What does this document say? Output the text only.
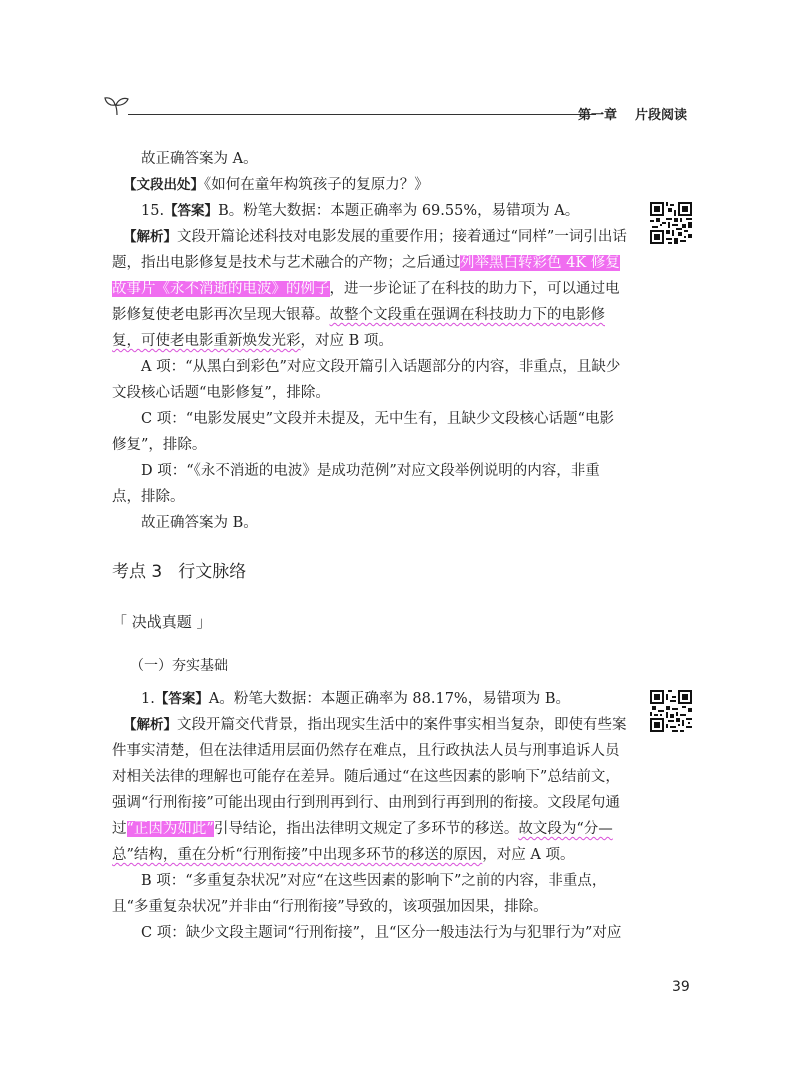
第一章 片段阅读

故正确答案为 A。

【文段出处】《如何在童年构筑孩子的复原力？》

15.【答案】B。粉笔大数据：本题正确率为 69.55%，易错项为 A。

【解析】文段开篇论述科技对电影发展的重要作用；接着通过“同样”一词引出话题，指出电影修复是技术与艺术融合的产物；之后通过列举黑白转彩色 4K 修复故事片《永不消逝的电波》的例子，进一步论证了在科技的助力下，可以通过电影修复使老电影再次呈现大银幕。故整个文段重在强调在科技助力下的电影修复，可使老电影重新焕发光彩，对应 B 项。

A 项：“从黑白到彩色”对应文段开篇引入话题部分的内容，非重点，且缺少文段核心话题“电影修复”，排除。

C 项：“电影发展史”文段并未提及，无中生有，且缺少文段核心话题“电影修复”，排除。

D 项：“《永不消逝的电波》是成功范例”对应文段举例说明的内容，非重点，排除。

故正确答案为 B。

考点 3 行文脉络
「 决战真题 」
（一）夯实基础

1.【答案】A。粉笔大数据：本题正确率为 88.17%，易错项为 B。

【解析】文段开篇交代背景，指出现实生活中的案件事实相当复杂，即使有些案件事实清楚，但在法律适用层面仍然存在难点，且行政执法人员与刑事追诉人员对相关法律的理解也可能存在差异。随后通过“在这些因素的影响下”总结前文，强调“行刑衔接”可能出现由行到刑再到行、由刑到行再到刑的衔接。文段尾句通过“正因为如此”引导结论，指出法律明文规定了多环节的移送。故文段为“分—总”结构，重在分析“行刑衔接”中出现多环节的移送的原因，对应 A 项。

B 项：“多重复杂状况”对应“在这些因素的影响下”之前的内容，非重点，且“多重复杂状况”并非由“行刑衔接”导致的，该项强加因果，排除。

C 项：缺少文段主题词“行刑衔接”，且“区分一般违法行为与犯罪行为”对应

39
